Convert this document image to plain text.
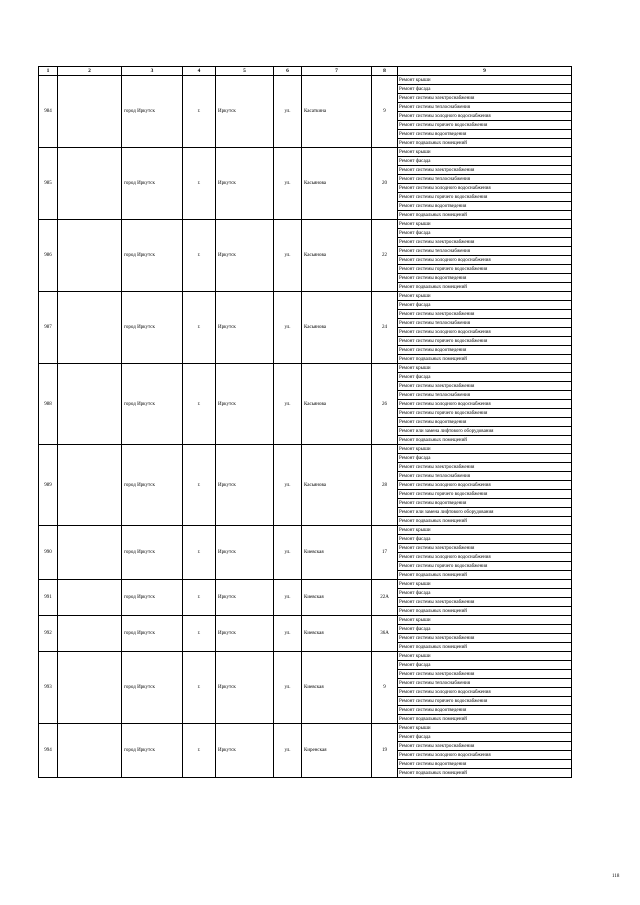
1	2	3	4	5	6	7	8	9
984		город Иркутск	г.	Иркутск	ул.	Касаткина	9	Ремонт крыши
								Ремонт фасада
								Ремонт системы электроснабжения
								Ремонт системы теплоснабжения
								Ремонт системы холодного водоснабжения
								Ремонт системы горячего водоснабжения
								Ремонт системы водоотведения
								Ремонт подвальных помещений
985		город Иркутск	г.	Иркутск	ул.	Касьянова	20	Ремонт крыши
								Ремонт фасада
								Ремонт системы электроснабжения
								Ремонт системы теплоснабжения
								Ремонт системы холодного водоснабжения
								Ремонт системы горячего водоснабжения
								Ремонт системы водоотведения
								Ремонт подвальных помещений
986		город Иркутск	г.	Иркутск	ул.	Касьянова	22	Ремонт крыши
								Ремонт фасада
								Ремонт системы электроснабжения
								Ремонт системы теплоснабжения
								Ремонт системы холодного водоснабжения
								Ремонт системы горячего водоснабжения
								Ремонт системы водоотведения
								Ремонт подвальных помещений
987		город Иркутск	г.	Иркутск	ул.	Касьянова	24	Ремонт крыши
								Ремонт фасада
								Ремонт системы электроснабжения
								Ремонт системы теплоснабжения
								Ремонт системы холодного водоснабжения
								Ремонт системы горячего водоснабжения
								Ремонт системы водоотведения
								Ремонт подвальных помещений
988		город Иркутск	г.	Иркутск	ул.	Касьянова	26	Ремонт крыши
								Ремонт фасада
								Ремонт системы электроснабжения
								Ремонт системы теплоснабжения
								Ремонт системы холодного водоснабжения
								Ремонт системы горячего водоснабжения
								Ремонт системы водоотведения
								Ремонт или замена лифтового оборудования
								Ремонт подвальных помещений
989		город Иркутск	г.	Иркутск	ул.	Касьянова	28	Ремонт крыши
								Ремонт фасада
								Ремонт системы электроснабжения
								Ремонт системы теплоснабжения
								Ремонт системы холодного водоснабжения
								Ремонт системы горячего водоснабжения
								Ремонт системы водоотведения
								Ремонт или замена лифтового оборудования
								Ремонт подвальных помещений
990		город Иркутск	г.	Иркутск	ул.	Киевская	17	Ремонт крыши
								Ремонт фасада
								Ремонт системы электроснабжения
								Ремонт системы холодного водоснабжения
								Ремонт системы горячего водоснабжения
								Ремонт подвальных помещений
991		город Иркутск	г.	Иркутск	ул.	Киевская	22А	Ремонт крыши
								Ремонт фасада
								Ремонт системы электроснабжения
								Ремонт подвальных помещений
992		город Иркутск	г.	Иркутск	ул.	Киевская	36А	Ремонт крыши
								Ремонт фасада
								Ремонт системы электроснабжения
								Ремонт подвальных помещений
993		город Иркутск	г.	Иркутск	ул.	Киевская	9	Ремонт крыши
								Ремонт фасада
								Ремонт системы электроснабжения
								Ремонт системы теплоснабжения
								Ремонт системы холодного водоснабжения
								Ремонт системы горячего водоснабжения
								Ремонт системы водоотведения
								Ремонт подвальных помещений
994		город Иркутск	г.	Иркутск	ул.	Киренская	19	Ремонт крыши
								Ремонт фасада
								Ремонт системы электроснабжения
								Ремонт системы холодного водоснабжения
								Ремонт системы водоотведения
								Ремонт подвальных помещений
118
